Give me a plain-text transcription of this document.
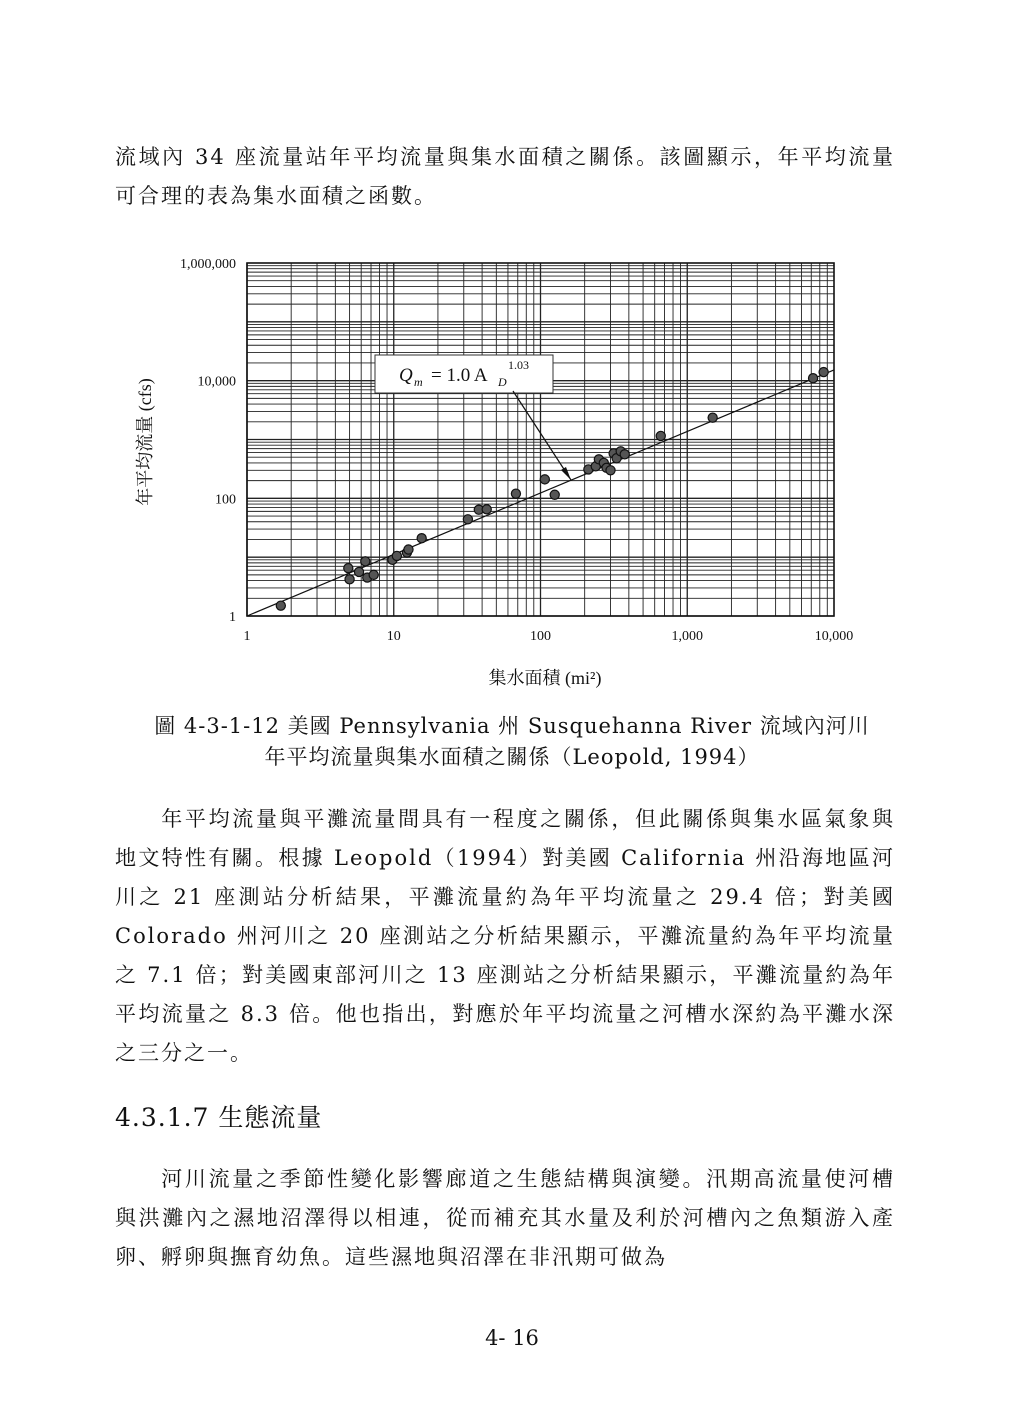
流域內 34 座流量站年平均流量與集水面積之關係。該圖顯示，年平均流量可合理的表為集水面積之函數。

1	10	100	1,000	10,000
1
100
10,000
1,000,000
Q m = 1.0 A D
1.03
集水面積 (mi²)
年平均流量 (cfs)

圖 4-3-1-12 美國 Pennsylvania 州 Susquehanna River 流域內河川

年平均流量與集水面積之關係（Leopold, 1994）

年平均流量與平灘流量間具有一程度之關係，但此關係與集水區氣象與地文特性有關。根據 Leopold（1994）對美國 California 州沿海地區河川之 21 座測站分析結果，平灘流量約為年平均流量之 29.4 倍；對美國 Colorado 州河川之 20 座測站之分析結果顯示，平灘流量約為年平均流量之 7.1 倍；對美國東部河川之 13 座測站之分析結果顯示，平灘流量約為年平均流量之 8.3 倍。他也指出，對應於年平均流量之河槽水深約為平灘水深之三分之一。

4.3.1.7 生態流量

河川流量之季節性變化影響廊道之生態結構與演變。汛期高流量使河槽與洪灘內之濕地沼澤得以相連，從而補充其水量及利於河槽內之魚類游入產卵、孵卵與撫育幼魚。這些濕地與沼澤在非汛期可做為

4- 16
